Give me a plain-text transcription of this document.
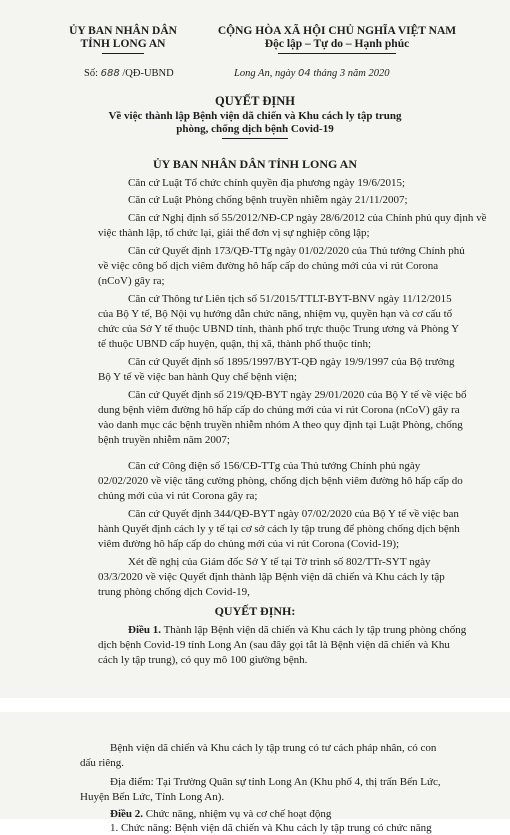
ỦY BAN NHÂN DÂN
TỈNH LONG AN
CỘNG HÒA XÃ HỘI CHỦ NGHĨA VIỆT NAM
Độc lập – Tự do – Hạnh phúc
Số: 688 /QĐ-UBND	Long An, ngày 04 tháng 3 năm 2020
QUYẾT ĐỊNH
Về việc thành lập Bệnh viện dã chiến và Khu cách ly tập trung
phòng, chống dịch bệnh Covid-19
ỦY BAN NHÂN DÂN TỈNH LONG AN
Căn cứ Luật Tổ chức chính quyền địa phương ngày 19/6/2015;
Căn cứ Luật Phòng chống bệnh truyền nhiễm ngày 21/11/2007;
Căn cứ Nghị định số 55/2012/NĐ-CP ngày 28/6/2012 của Chính phủ quy định về
việc thành lập, tổ chức lại, giải thể đơn vị sự nghiệp công lập;
Căn cứ Quyết định 173/QĐ-TTg ngày 01/02/2020 của Thủ tướng Chính phủ
về việc công bố dịch viêm đường hô hấp cấp do chủng mới của vi rút Corona
(nCoV) gây ra;
Căn cứ Thông tư Liên tịch số 51/2015/TTLT-BYT-BNV ngày 11/12/2015
của Bộ Y tế, Bộ Nội vụ hướng dẫn chức năng, nhiệm vụ, quyền hạn và cơ cấu tổ
chức của Sở Y tế thuộc UBND tỉnh, thành phố trực thuộc Trung ương và Phòng Y
tế thuộc UBND cấp huyện, quận, thị xã, thành phố thuộc tỉnh;
Căn cứ Quyết định số 1895/1997/BYT-QĐ ngày 19/9/1997 của Bộ trưởng
Bộ Y tế về việc ban hành Quy chế bệnh viện;
Căn cứ Quyết định số 219/QĐ-BYT ngày 29/01/2020 của Bộ Y tế về việc bổ
dung bệnh viêm đường hô hấp cấp do chủng mới của vi rút Corona (nCoV) gây ra
vào danh mục các bệnh truyền nhiễm nhóm A theo quy định tại Luật Phòng, chống
bệnh truyền nhiễm năm 2007;
Căn cứ Công điện số 156/CĐ-TTg của Thủ tướng Chính phủ ngày
02/02/2020 về việc tăng cường phòng, chống dịch bệnh viêm đường hô hấp cấp do
chủng mới của vi rút Corona gây ra;
Căn cứ Quyết định 344/QĐ-BYT ngày 07/02/2020 của Bộ Y tế về việc ban
hành Quyết định cách ly y tế tại cơ sở cách ly tập trung để phòng chống dịch bệnh
viêm đường hô hấp cấp do chủng mới của vi rút Corona (Covid-19);
Xét đề nghị của Giám đốc Sở Y tế tại Tờ trình số 802/TTr-SYT ngày
03/3/2020 về việc Quyết định thành lập Bệnh viện dã chiến và Khu cách ly tập
trung phòng chống dịch Covid-19,
QUYẾT ĐỊNH:
Điều 1. Thành lập Bệnh viện dã chiến và Khu cách ly tập trung phòng chống
dịch bệnh Covid-19 tỉnh Long An (sau đây gọi tắt là Bệnh viện dã chiến và Khu
cách ly tập trung), có quy mô 100 giường bệnh.
Bệnh viện dã chiến và Khu cách ly tập trung có tư cách pháp nhân, có con
dấu riêng.
Địa điểm: Tại Trường Quân sự tỉnh Long An (Khu phố 4, thị trấn Bến Lức,
Huyện Bến Lức, Tỉnh Long An).
Điều 2. Chức năng, nhiệm vụ và cơ chế hoạt động
1. Chức năng: Bệnh viện dã chiến và Khu cách ly tập trung có chức năng
